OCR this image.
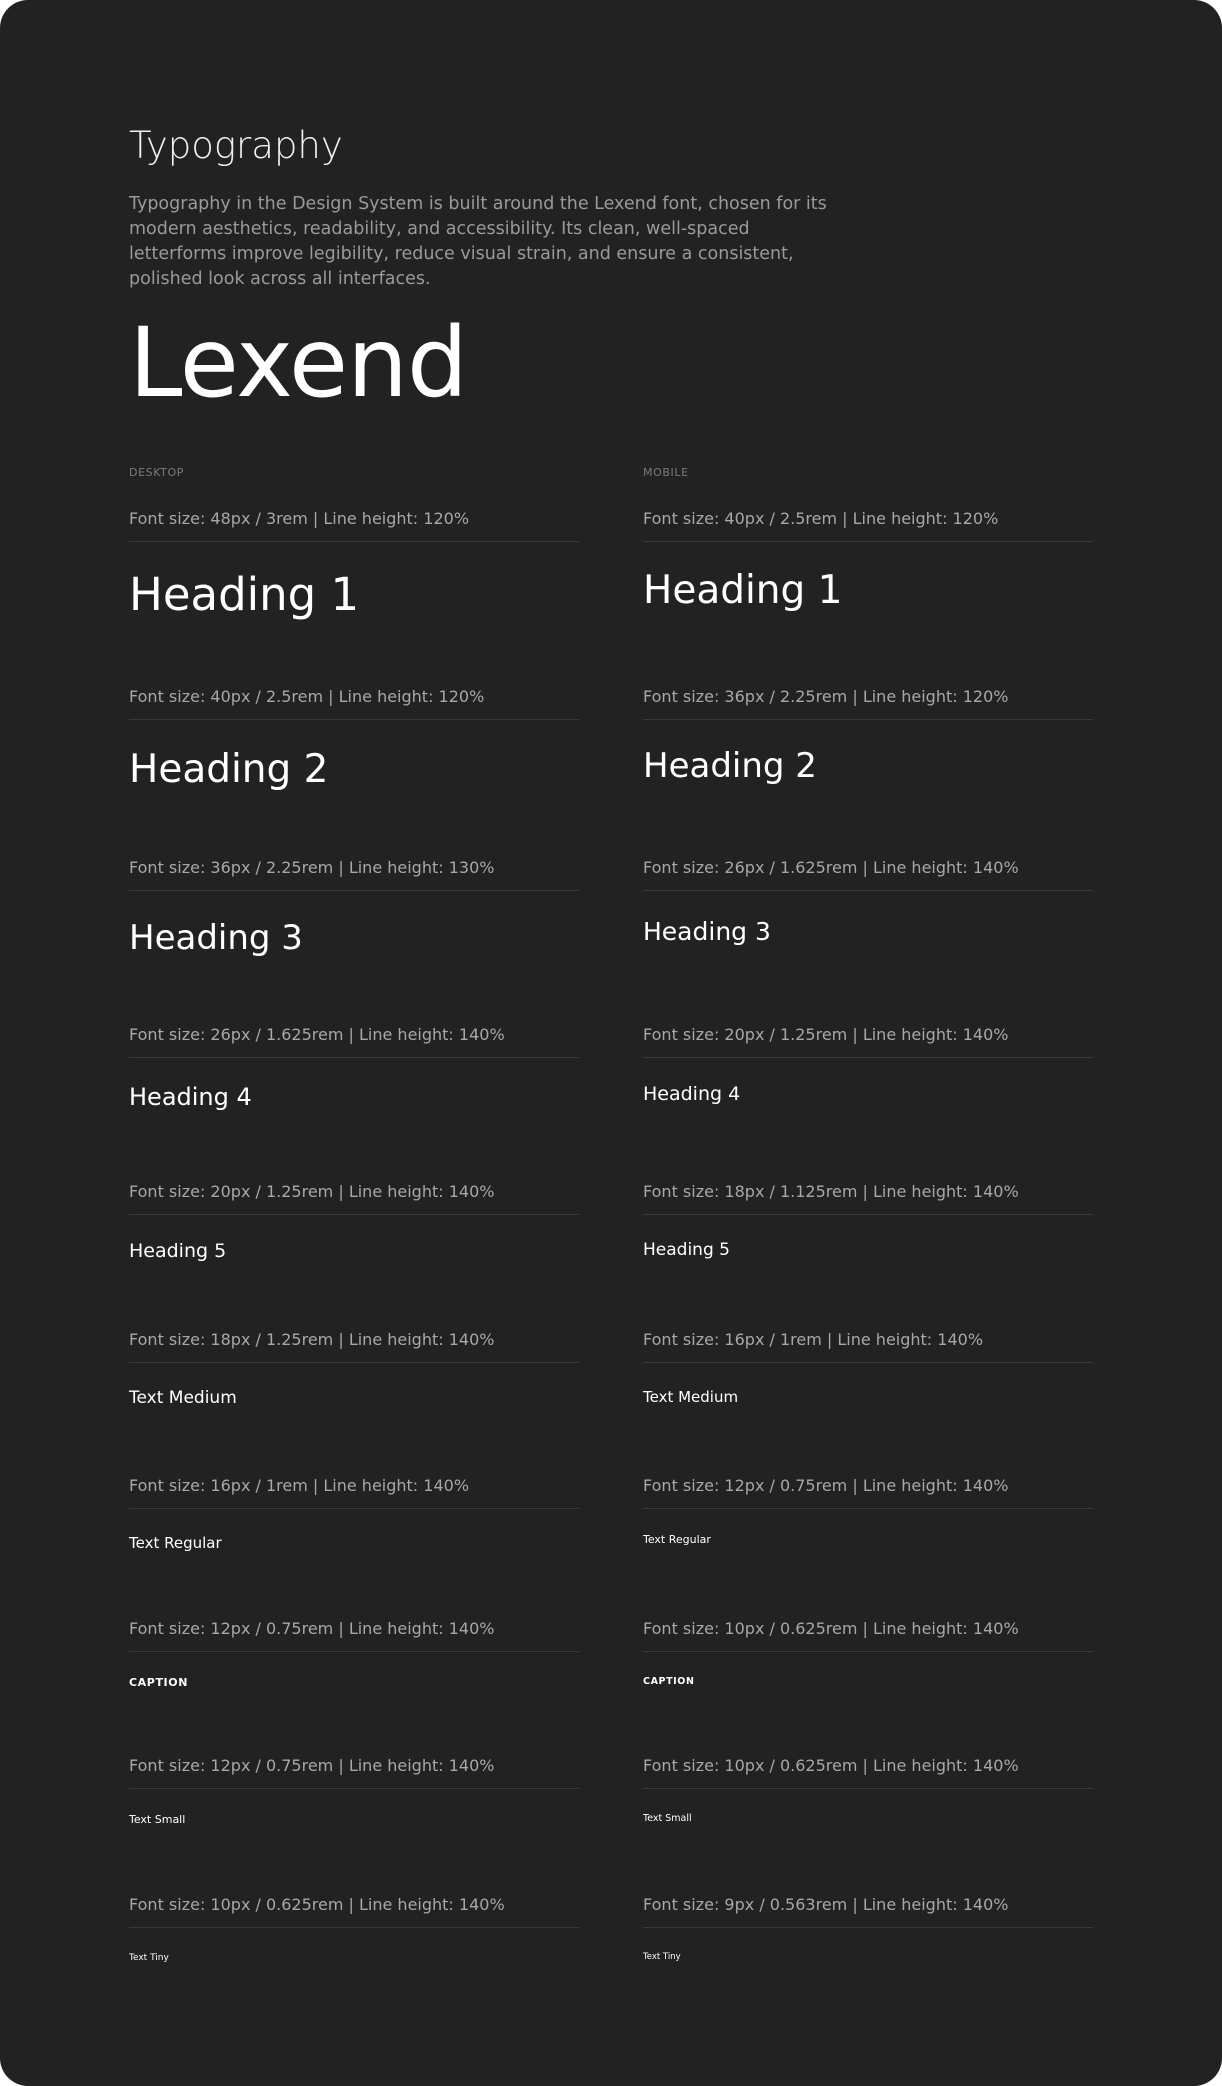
Typography

Typography in the Design System is built around the Lexend font, chosen for its modern aesthetics, readability, and accessibility. Its clean, well-spaced letterforms improve legibility, reduce visual strain, and ensure a consistent, polished look across all interfaces.

Lexend
DESKTOP	MOBILE
Font size: 48px / 3rem | Line height: 120%
Heading 1
Font size: 40px / 2.5rem | Line height: 120%
Heading 2
Font size: 36px / 2.25rem | Line height: 130%
Heading 3
Font size: 26px / 1.625rem | Line height: 140%
Heading 4
Font size: 20px / 1.25rem | Line height: 140%
Heading 5
Font size: 18px / 1.25rem | Line height: 140%
Text Medium
Font size: 16px / 1rem | Line height: 140%
Text Regular
Font size: 12px / 0.75rem | Line height: 140%
CAPTION
Font size: 12px / 0.75rem | Line height: 140%
Text Small
Font size: 10px / 0.625rem | Line height: 140%
Text Tiny
Font size: 40px / 2.5rem | Line height: 120%
Heading 1
Font size: 36px / 2.25rem | Line height: 120%
Heading 2
Font size: 26px / 1.625rem | Line height: 140%
Heading 3
Font size: 20px / 1.25rem | Line height: 140%
Heading 4
Font size: 18px / 1.125rem | Line height: 140%
Heading 5
Font size: 16px / 1rem | Line height: 140%
Text Medium
Font size: 12px / 0.75rem | Line height: 140%
Text Regular
Font size: 10px / 0.625rem | Line height: 140%
CAPTION
Font size: 10px / 0.625rem | Line height: 140%
Text Small
Font size: 9px / 0.563rem | Line height: 140%
Text Tiny
